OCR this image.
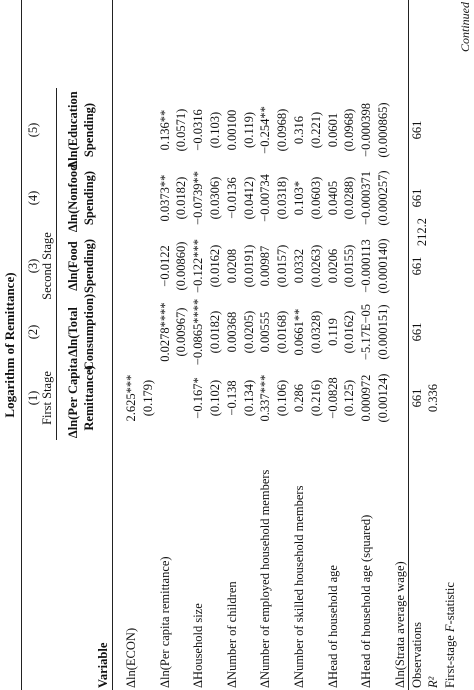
Logarithm of Remittance) (1)
(2)
(3)
(4)
(5)
First Stage
Second Stage
Δln(Per Capita Remittance)
Δln(Total Consumption)
Δln(Food Spending)
Δln(Nonfood Spending)
Δln(Education Spending)
Variable Δln(ECON)
2.625*** (0.179)
Δln(Per capita remittance)
0.0278****
−0.0122
0.0373**
0.136**
(0.00967)
(0.00860)
(0.0182)
(0.0571)
ΔHousehold size
−0.167*
−0.0865****
−0.122***
−0.0739**
−0.0316
(0.102)
(0.0182)
(0.0162)
(0.0306)
(0.103)
ΔNumber of children
−0.138
0.00368
0.0208
−0.0136
0.00100
(0.134)
(0.0205)
(0.0191)
(0.0412)
(0.119)
ΔNumber of employed household members
0.337***
0.00555
0.00987
−0.00734
−0.254**
(0.106)
(0.0168)
(0.0157)
(0.0318)
(0.0968)
ΔNumber of skilled household members
0.286
0.0661**
0.0332
0.103*
0.316
(0.216)
(0.0328)
(0.0263)
(0.0603)
(0.221)
ΔHead of household age
−0.0828
0.119
0.0206
0.0405
0.0601
(0.125)
(0.0162)
(0.0155)
(0.0288)
(0.0968)
ΔHead of household age (squared)
0.000972
−5.17E−05
−0.000113
−0.000371
−0.000398
(0.00124)
(0.000151)
(0.000140)
(0.000257)
(0.000865)
Δln(Strata average wage) Observations
661
661
661
661
661
R²
0.336
First-stage F-statistic
212.2
Continued
